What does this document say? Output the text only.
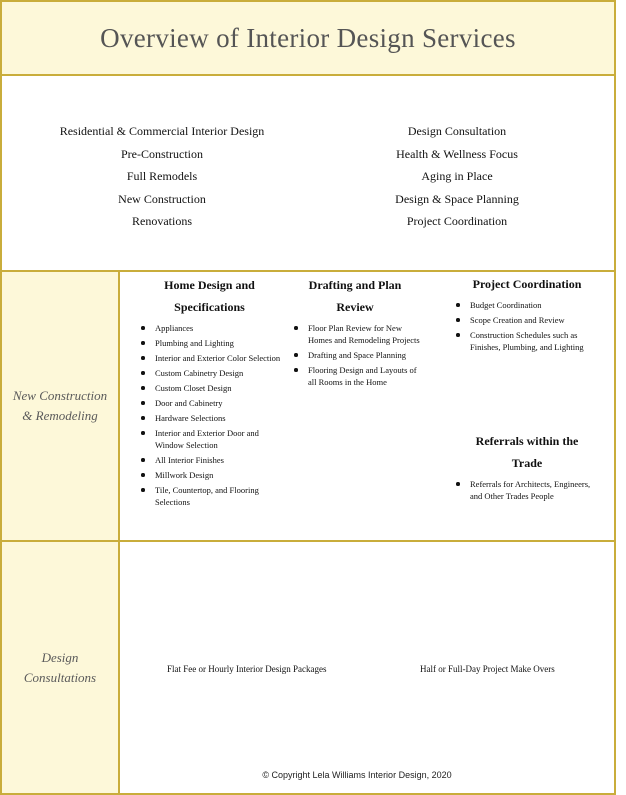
Overview of Interior Design Services
Residential & Commercial Interior Design
Pre-Construction
Full Remodels
New Construction
Renovations
Design Consultation
Health & Wellness Focus
Aging in Place
Design & Space Planning
Project Coordination
New Construction & Remodeling
Home Design and
Specifications
Appliances
Plumbing and Lighting
Interior and Exterior Color Selection
Custom Cabinetry Design
Custom Closet Design
Door and Cabinetry
Hardware Selections
Interior and Exterior Door and Window Selection
All Interior Finishes
Millwork Design
Tile, Countertop, and Flooring Selections
Drafting and Plan
Review
Floor Plan Review for New Homes and Remodeling Projects
Drafting and Space Planning
Flooring Design and Layouts of all Rooms in the Home
Project Coordination
Budget Coordination
Scope Creation and Review
Construction Schedules such as Finishes, Plumbing, and Lighting
Referrals within the
Trade
Referrals for Architects, Engineers, and Other Trades People
Design Consultations
Flat Fee or Hourly Interior Design Packages	Half or Full-Day Project Make Overs
© Copyright Lela Williams Interior Design, 2020
